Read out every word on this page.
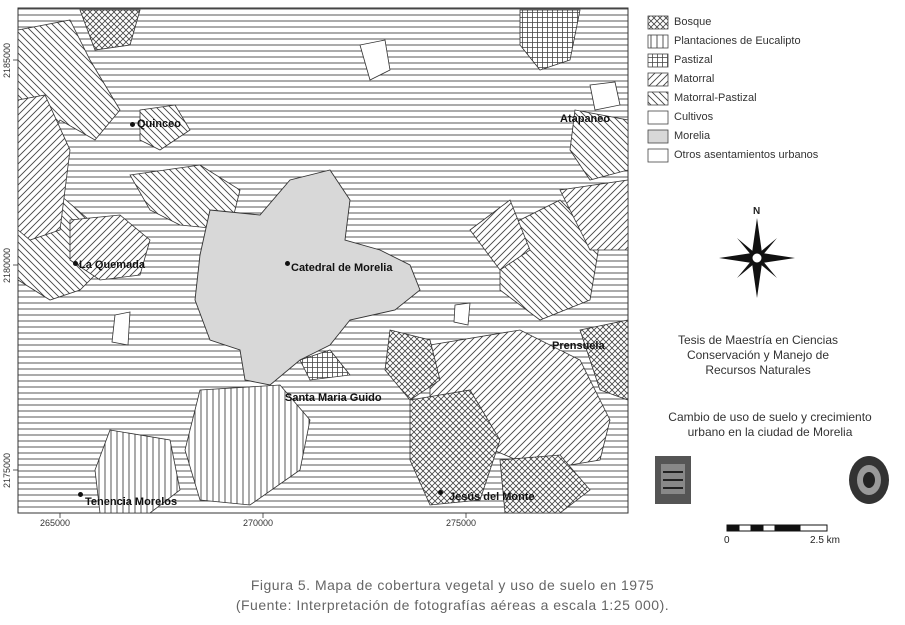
265000	270000	275000
2185000
2180000
2175000
Quinceo	Atapaneo
La Quemada	Catedral de Morelia
Prensuela
Santa Maria Guido
Tenencia Morelos	Jesús del Monte
Bosque
Plantaciones de Eucalipto
Pastizal
Matorral
Matorral-Pastizal
Cultivos
Morelia
Otros asentamientos urbanos
N
Tesis de Maestría en Ciencias
Conservación y Manejo de
Recursos Naturales
Cambio de uso de suelo y crecimiento
urbano en la ciudad de Morelia
0	2.5 km
Figura 5. Mapa de cobertura vegetal y uso de suelo en 1975
(Fuente: Interpretación de fotografías aéreas a escala 1:25 000).
